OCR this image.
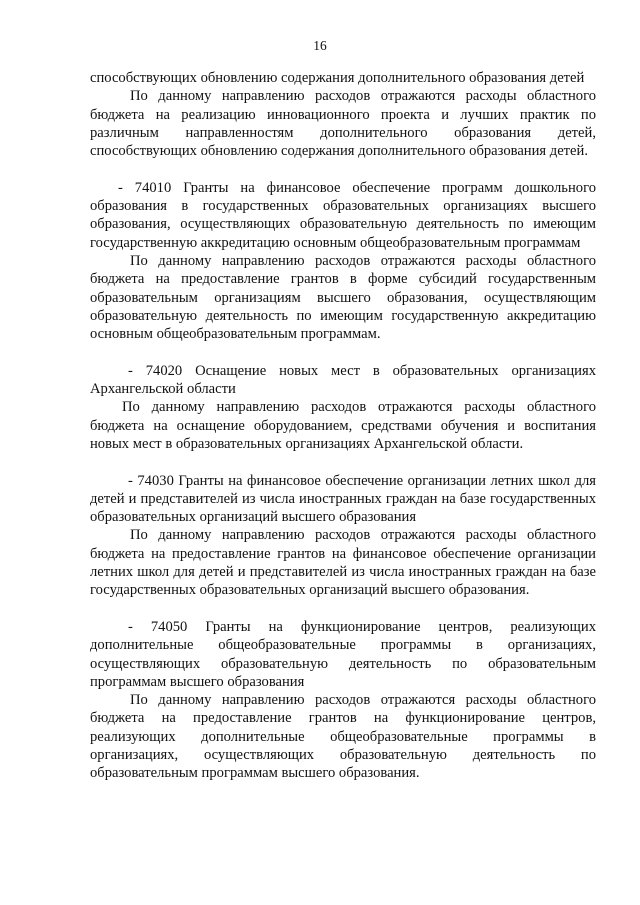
16

способствующих обновлению содержания дополнительного образования детей

По данному направлению расходов отражаются расходы областного бюджета на реализацию инновационного проекта и лучших практик по различным направленностям дополнительного образования детей, способствующих обновлению содержания дополнительного образования детей.

- 74010 Гранты на финансовое обеспечение программ дошкольного образования в государственных образовательных организациях высшего образования, осуществляющих образовательную деятельность по имеющим государственную аккредитацию основным общеобразовательным программам

По данному направлению расходов отражаются расходы областного бюджета на предоставление грантов в форме субсидий государственным образовательным организациям высшего образования, осуществляющим образовательную деятельность по имеющим государственную аккредитацию основным общеобразовательным программам.

- 74020 Оснащение новых мест в образовательных организациях Архангельской области

По данному направлению расходов отражаются расходы областного бюджета на оснащение оборудованием, средствами обучения и воспитания новых мест в образовательных организациях Архангельской области.

- 74030 Гранты на финансовое обеспечение организации летних школ для детей и представителей из числа иностранных граждан на базе государственных образовательных организаций высшего образования

По данному направлению расходов отражаются расходы областного бюджета на предоставление грантов на финансовое обеспечение организации летних школ для детей и представителей из числа иностранных граждан на базе государственных образовательных организаций высшего образования.

- 74050 Гранты на функционирование центров, реализующих дополнительные общеобразовательные программы в организациях, осуществляющих образовательную деятельность по образовательным программам высшего образования

По данному направлению расходов отражаются расходы областного бюджета на предоставление грантов на функционирование центров, реализующих дополнительные общеобразовательные программы в организациях, осуществляющих образовательную деятельность по образовательным программам высшего образования.
